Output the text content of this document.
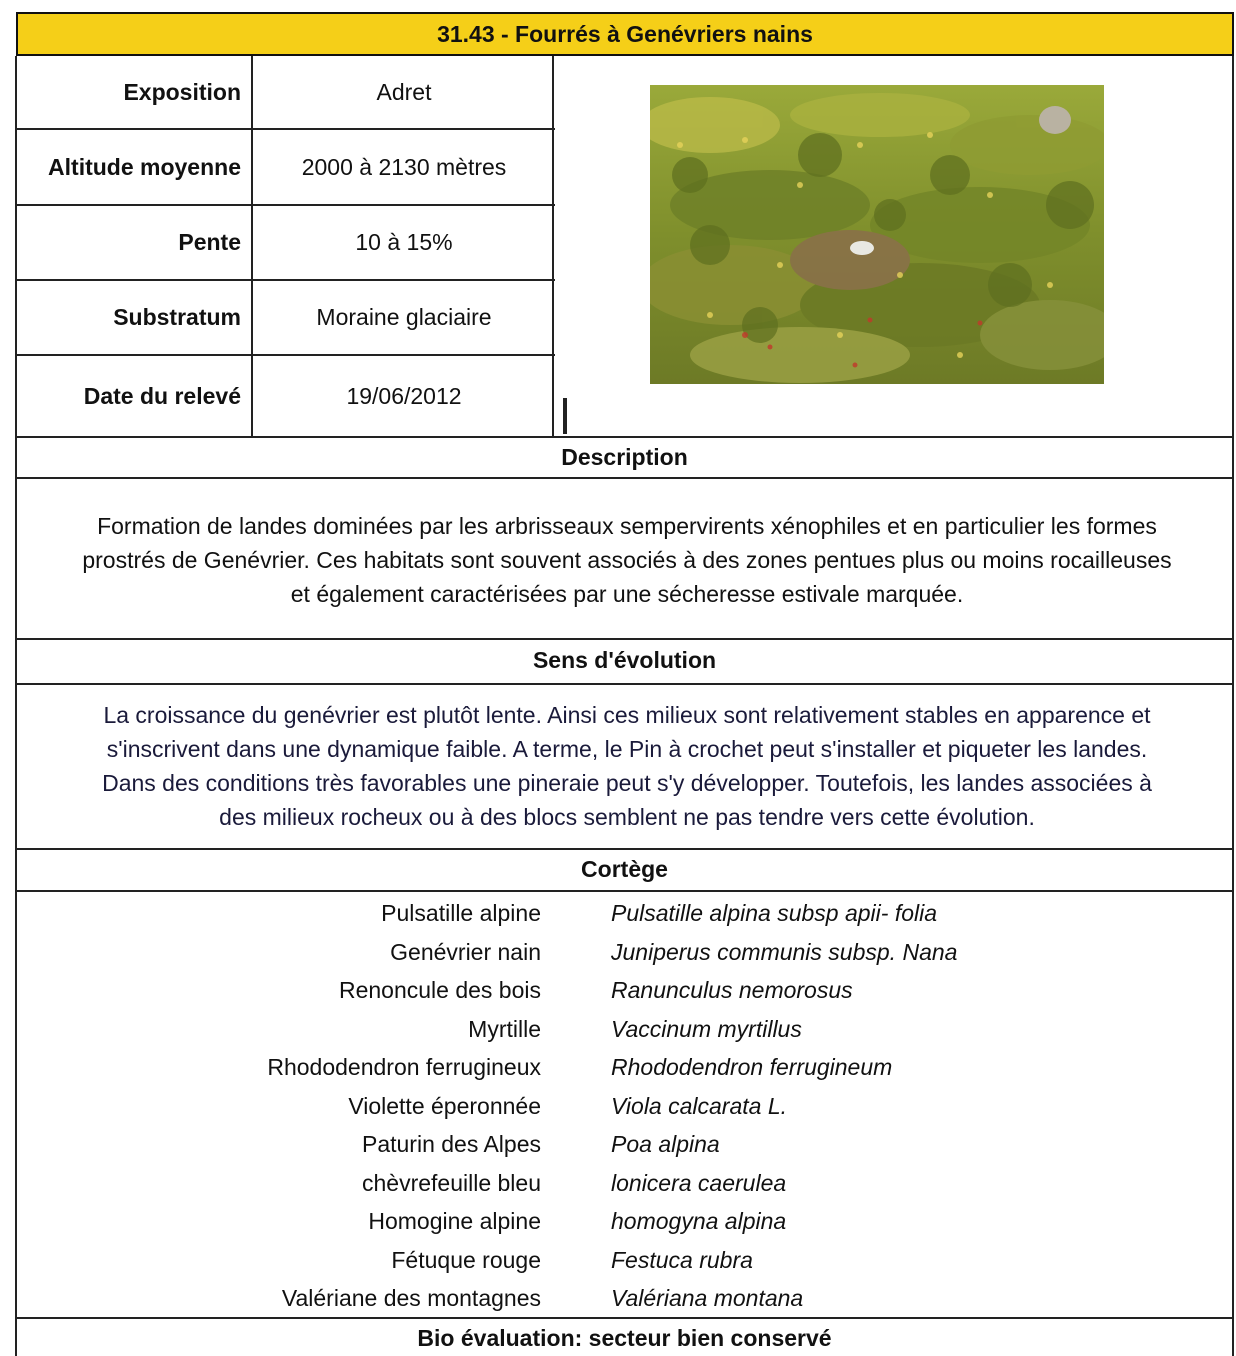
31.43 - Fourrés à Genévriers nains
Exposition	Adret
Altitude moyenne	2000 à 2130 mètres
Pente	10 à 15%
Substratum	Moraine glaciaire
Date du relevé	19/06/2012
Description
Formation de landes dominées par les arbrisseaux sempervirents xénophiles et en particulier les formes
prostrés de Genévrier. Ces habitats sont souvent associés à des zones pentues plus ou moins rocailleuses
et également caractérisées par une sécheresse estivale marquée.
Sens d'évolution
La croissance du genévrier est plutôt lente. Ainsi ces milieux sont relativement stables en apparence et
s'inscrivent dans une dynamique faible. A terme, le Pin à crochet peut s'installer et piqueter les landes.
Dans des conditions très favorables une pineraie peut s'y développer. Toutefois, les landes associées à
des milieux rocheux ou à des blocs semblent ne pas tendre vers cette évolution.
Cortège
Pulsatille alpine	Pulsatille alpina subsp apii- folia
Genévrier nain	Juniperus communis subsp. Nana
Renoncule des bois	Ranunculus nemorosus
Myrtille	Vaccinum myrtillus
Rhododendron ferrugineux	Rhododendron ferrugineum
Violette éperonnée	Viola calcarata L.
Paturin des Alpes	Poa alpina
chèvrefeuille bleu	lonicera caerulea
Homogine alpine	homogyna alpina
Fétuque rouge	Festuca rubra
Valériane des montagnes	Valériana montana
Bio évaluation: secteur bien conservé
